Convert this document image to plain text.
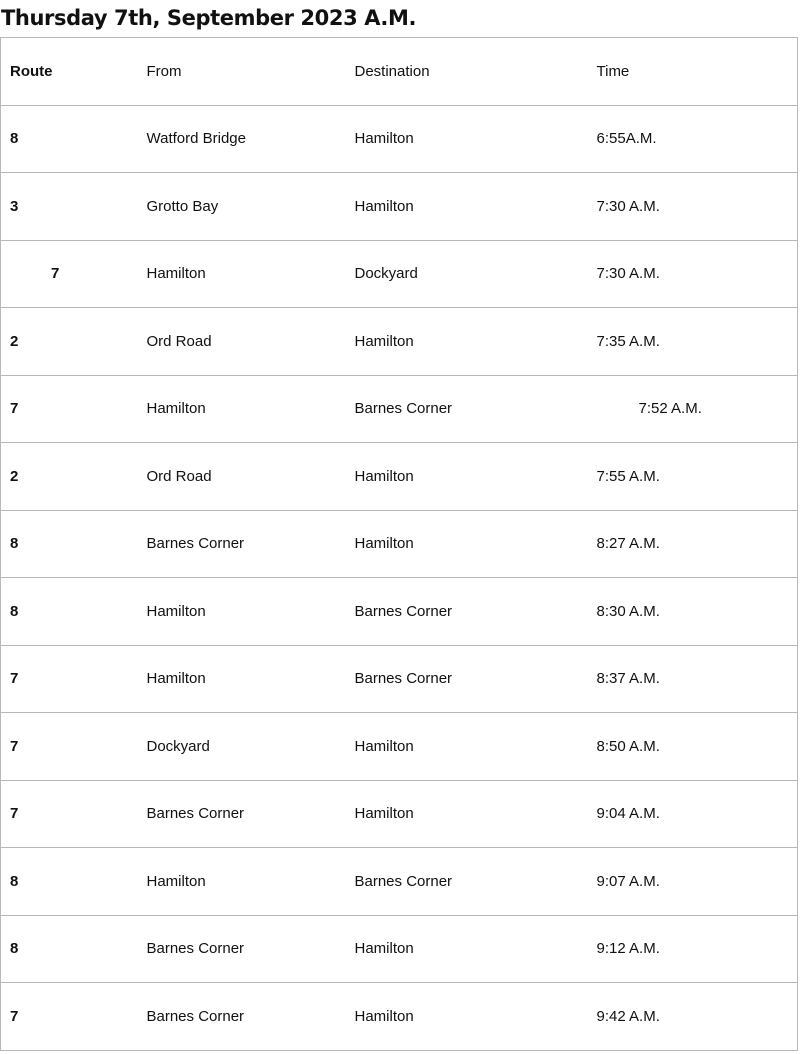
Thursday 7th, September 2023 A.M.
Route	From	Destination	Time
8	Watford Bridge	Hamilton	6:55A.M.
3	Grotto Bay	Hamilton	7:30 A.M.
7	Hamilton	Dockyard	7:30 A.M.
2	Ord Road	Hamilton	7:35 A.M.
7	Hamilton	Barnes Corner	7:52 A.M.
2	Ord Road	Hamilton	7:55 A.M.
8	Barnes Corner	Hamilton	8:27 A.M.
8	Hamilton	Barnes Corner	8:30 A.M.
7	Hamilton	Barnes Corner	8:37 A.M.
7	Dockyard	Hamilton	8:50 A.M.
7	Barnes Corner	Hamilton	9:04 A.M.
8	Hamilton	Barnes Corner	9:07 A.M.
8	Barnes Corner	Hamilton	9:12 A.M.
7	Barnes Corner	Hamilton	9:42 A.M.
